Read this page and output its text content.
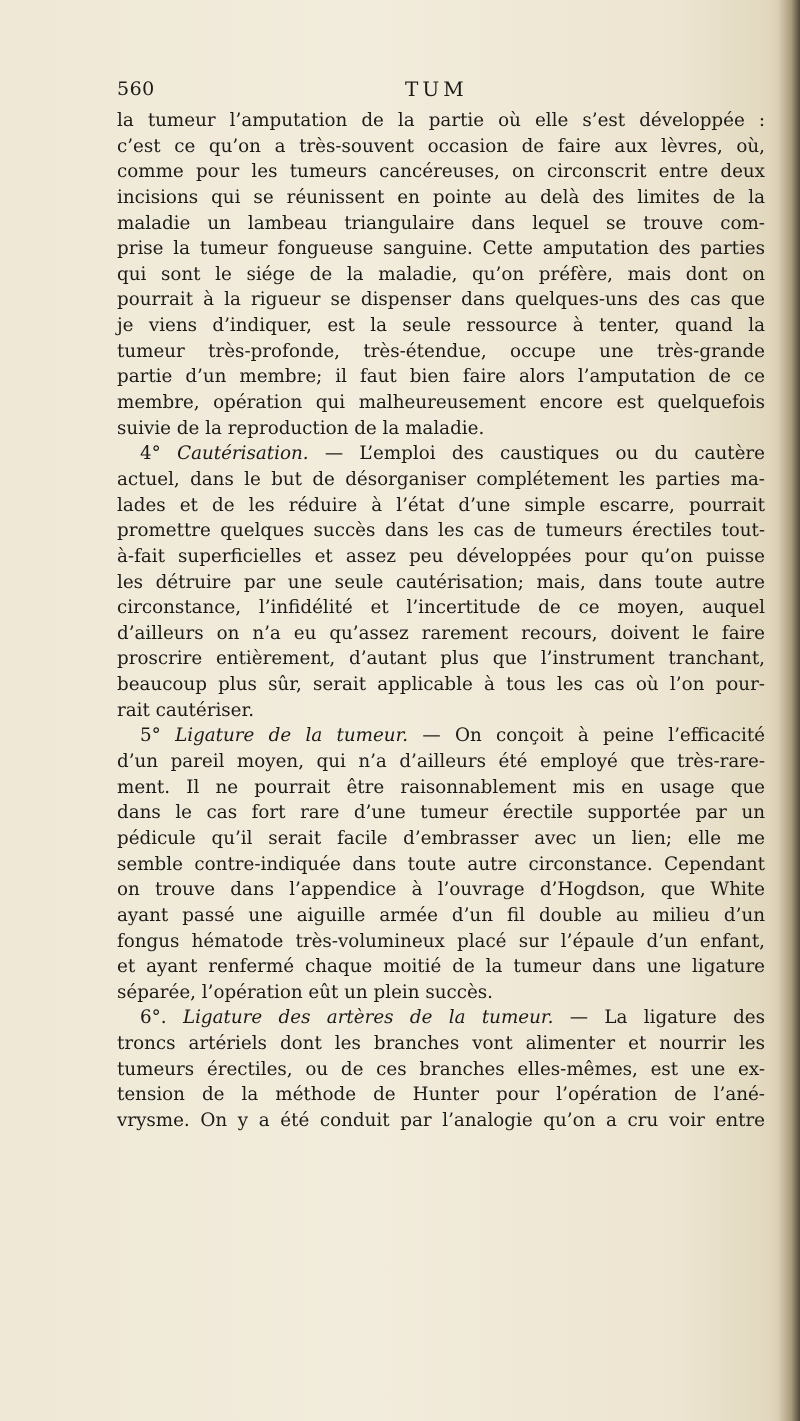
560	TUM
la tumeur l’amputation de la partie où elle s’est développée :
c’est ce qu’on a très-souvent occasion de faire aux lèvres, où,
comme pour les tumeurs cancéreuses, on circonscrit entre deux
incisions qui se réunissent en pointe au delà des limites de la
maladie un lambeau triangulaire dans lequel se trouve com-
prise la tumeur fongueuse sanguine. Cette amputation des parties
qui sont le siége de la maladie, qu’on préfère, mais dont on
pourrait à la rigueur se dispenser dans quelques-uns des cas que
je viens d’indiquer, est la seule ressource à tenter, quand la
tumeur très-profonde, très-étendue, occupe une très-grande
partie d’un membre; il faut bien faire alors l’amputation de ce
membre, opération qui malheureusement encore est quelquefois
suivie de la reproduction de la maladie.
4° Cautérisation. — L’emploi des caustiques ou du cautère
actuel, dans le but de désorganiser complétement les parties ma-
lades et de les réduire à l’état d’une simple escarre, pourrait
promettre quelques succès dans les cas de tumeurs érectiles tout-
à-fait superficielles et assez peu développées pour qu’on puisse
les détruire par une seule cautérisation; mais, dans toute autre
circonstance, l’infidélité et l’incertitude de ce moyen, auquel
d’ailleurs on n’a eu qu’assez rarement recours, doivent le faire
proscrire entièrement, d’autant plus que l’instrument tranchant,
beaucoup plus sûr, serait applicable à tous les cas où l’on pour-
rait cautériser.
5° Ligature de la tumeur. — On conçoit à peine l’efficacité
d’un pareil moyen, qui n’a d’ailleurs été employé que très-rare-
ment. Il ne pourrait être raisonnablement mis en usage que
dans le cas fort rare d’une tumeur érectile supportée par un
pédicule qu’il serait facile d’embrasser avec un lien; elle me
semble contre-indiquée dans toute autre circonstance. Cependant
on trouve dans l’appendice à l’ouvrage d’Hogdson, que White
ayant passé une aiguille armée d’un fil double au milieu d’un
fongus hématode très-volumineux placé sur l’épaule d’un enfant,
et ayant renfermé chaque moitié de la tumeur dans une ligature
séparée, l’opération eût un plein succès.
6°. Ligature des artères de la tumeur. — La ligature des
troncs artériels dont les branches vont alimenter et nourrir les
tumeurs érectiles, ou de ces branches elles-mêmes, est une ex-
tension de la méthode de Hunter pour l’opération de l’ané-
vrysme. On y a été conduit par l’analogie qu’on a cru voir entre
